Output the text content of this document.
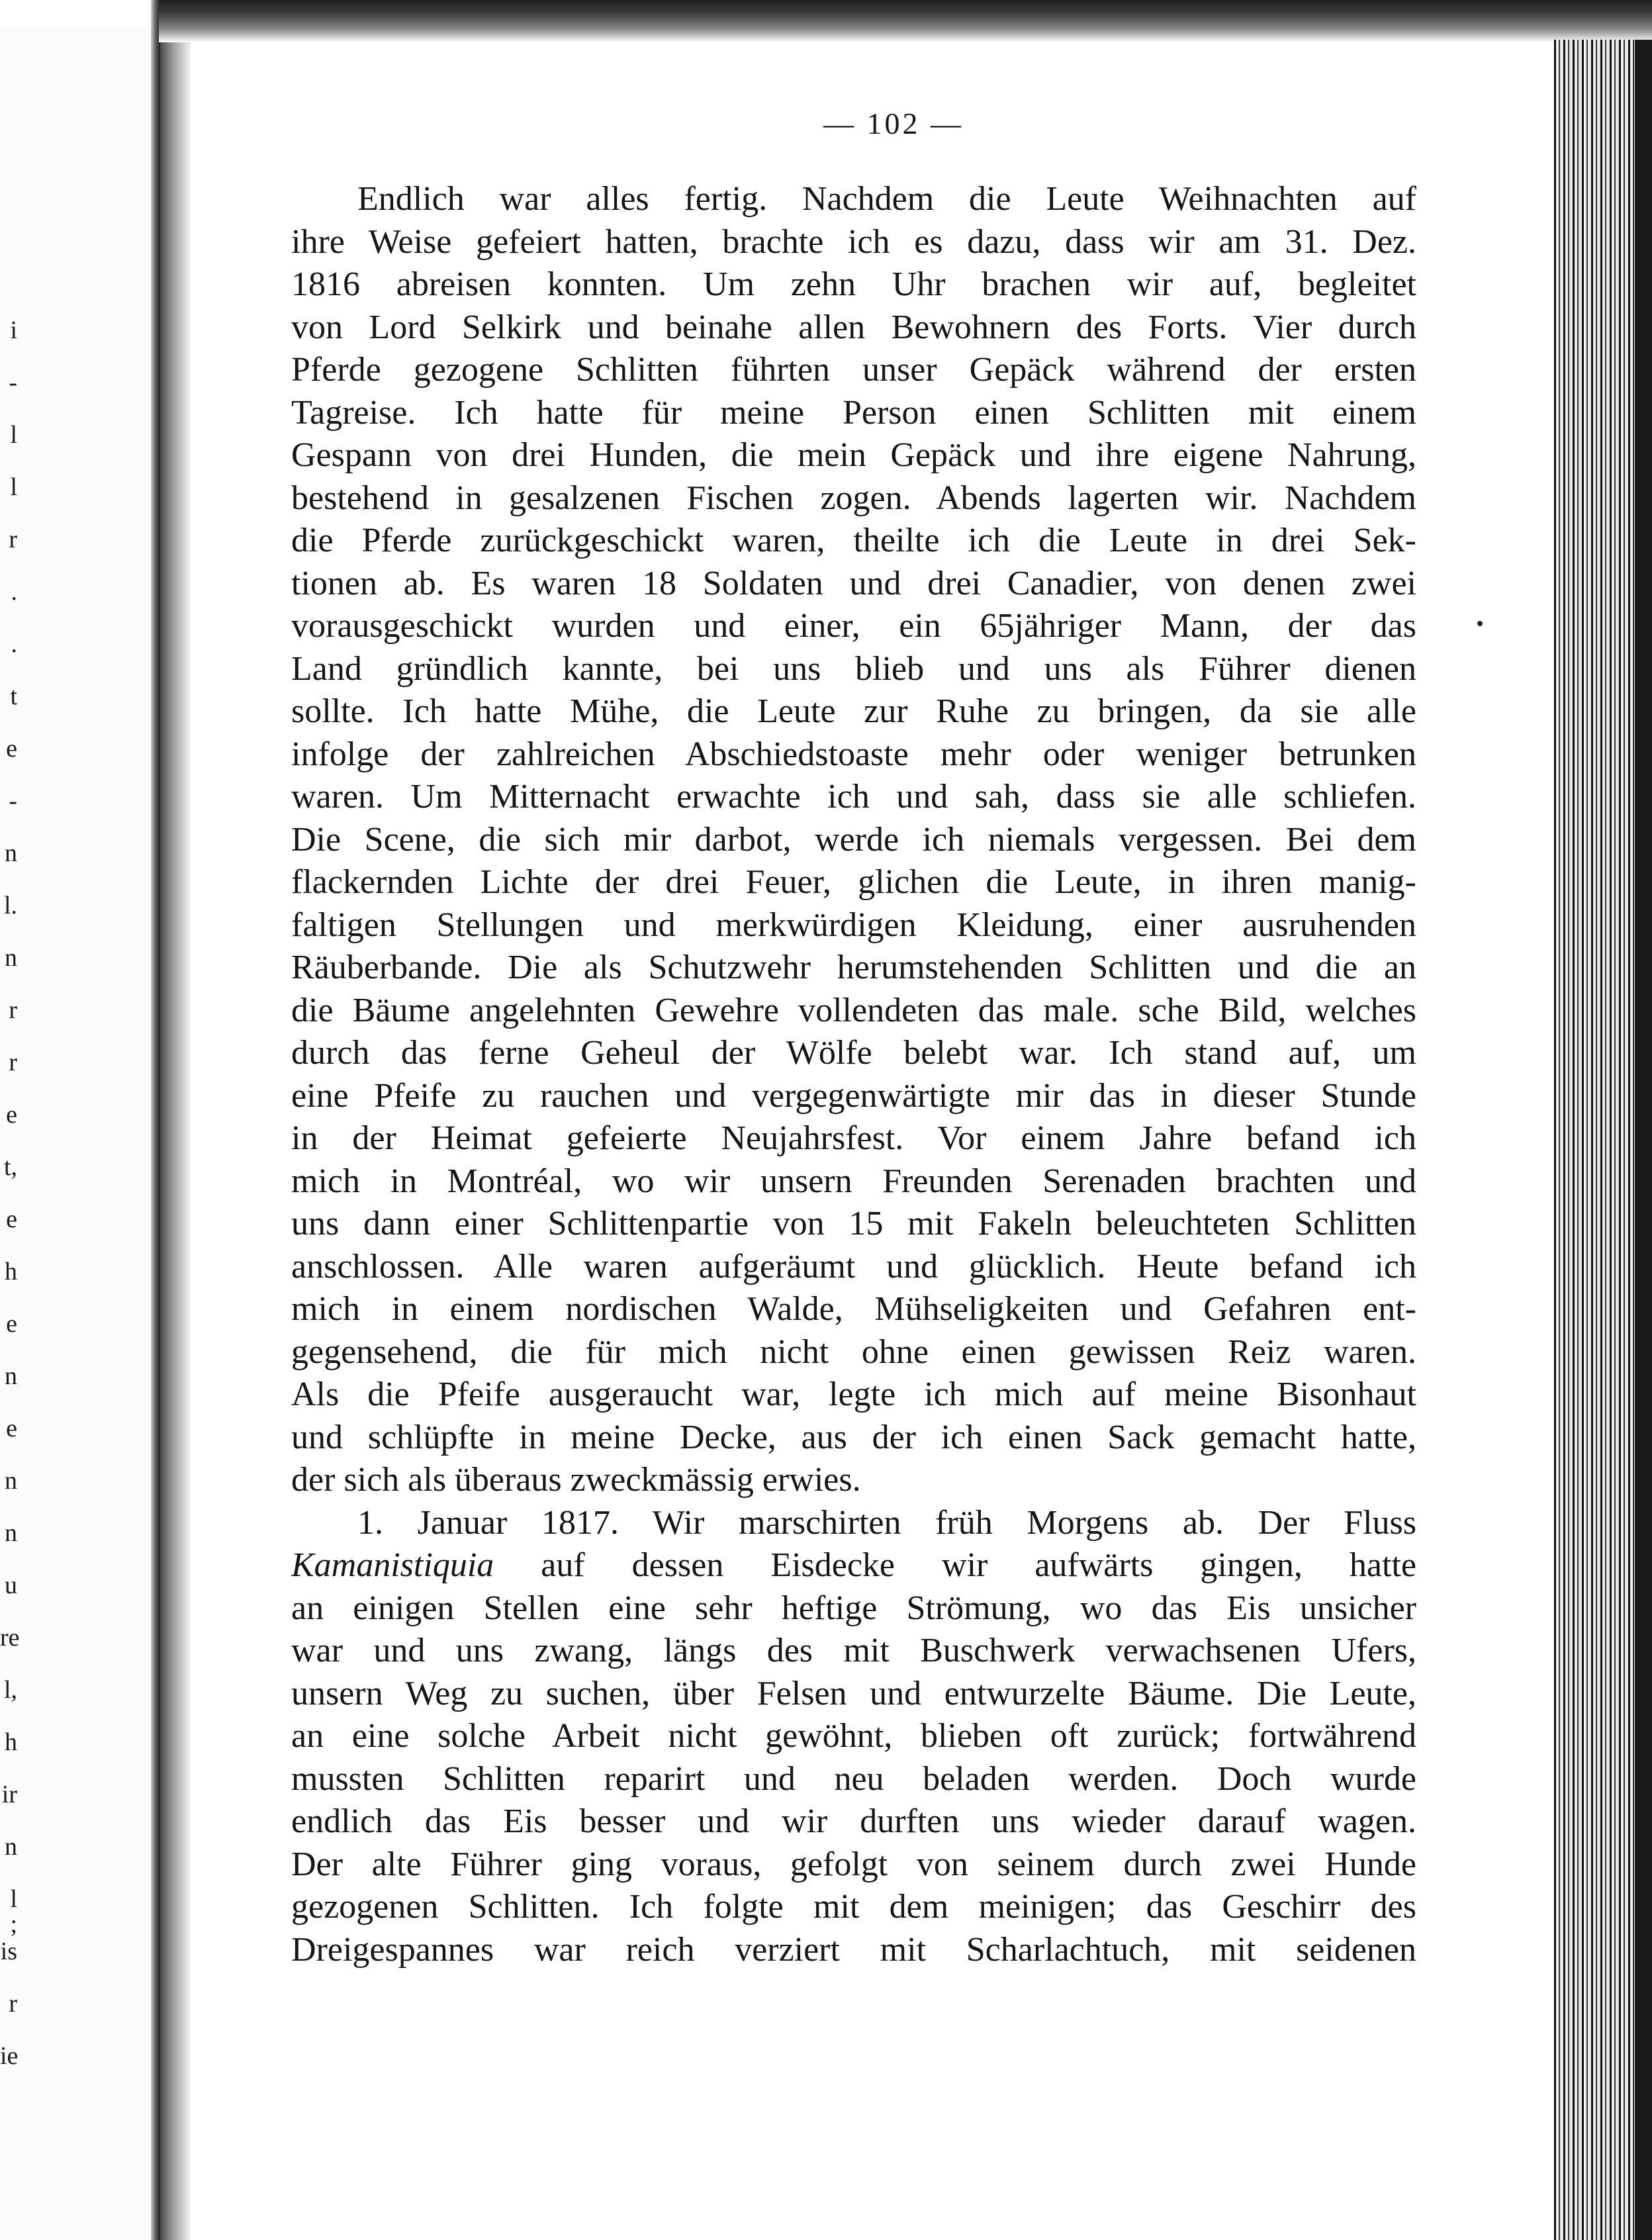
i
-
l
l
r
.
.
t
e
-
n
l.
n
r
r
e
t,
e
h
e
n
e
n
n
u
re
l,
h
ir
n
l ;
is
r
ie
— 102 —
Endlich war alles fertig. Nachdem die Leute Weihnachten auf
ihre Weise gefeiert hatten, brachte ich es dazu, dass wir am 31. Dez.
1816 abreisen konnten. Um zehn Uhr brachen wir auf, begleitet
von Lord Selkirk und beinahe allen Bewohnern des Forts. Vier durch
Pferde gezogene Schlitten führten unser Gepäck während der ersten
Tagreise. Ich hatte für meine Person einen Schlitten mit einem
Gespann von drei Hunden, die mein Gepäck und ihre eigene Nahrung,
bestehend in gesalzenen Fischen zogen. Abends lagerten wir. Nachdem
die Pferde zurückgeschickt waren, theilte ich die Leute in drei Sek-
tionen ab. Es waren 18 Soldaten und drei Canadier, von denen zwei
vorausgeschickt wurden und einer, ein 65jähriger Mann, der das
Land gründlich kannte, bei uns blieb und uns als Führer dienen
sollte. Ich hatte Mühe, die Leute zur Ruhe zu bringen, da sie alle
infolge der zahlreichen Abschiedstoaste mehr oder weniger betrunken
waren. Um Mitternacht erwachte ich und sah, dass sie alle schliefen.
Die Scene, die sich mir darbot, werde ich niemals vergessen. Bei dem
flackernden Lichte der drei Feuer, glichen die Leute, in ihren manig-
faltigen Stellungen und merkwürdigen Kleidung, einer ausruhenden
Räuberbande. Die als Schutzwehr herumstehenden Schlitten und die an
die Bäume angelehnten Gewehre vollendeten das male. sche Bild, welches
durch das ferne Geheul der Wölfe belebt war. Ich stand auf, um
eine Pfeife zu rauchen und vergegenwärtigte mir das in dieser Stunde
in der Heimat gefeierte Neujahrsfest. Vor einem Jahre befand ich
mich in Montréal, wo wir unsern Freunden Serenaden brachten und
uns dann einer Schlittenpartie von 15 mit Fakeln beleuchteten Schlitten
anschlossen. Alle waren aufgeräumt und glücklich. Heute befand ich
mich in einem nordischen Walde, Mühseligkeiten und Gefahren ent-
gegensehend, die für mich nicht ohne einen gewissen Reiz waren.
Als die Pfeife ausgeraucht war, legte ich mich auf meine Bisonhaut
und schlüpfte in meine Decke, aus der ich einen Sack gemacht hatte,
der sich als überaus zweckmässig erwies.
1. Januar 1817. Wir marschirten früh Morgens ab. Der Fluss
Kamanistiquia auf dessen Eisdecke wir aufwärts gingen, hatte
an einigen Stellen eine sehr heftige Strömung, wo das Eis unsicher
war und uns zwang, längs des mit Buschwerk verwachsenen Ufers,
unsern Weg zu suchen, über Felsen und entwurzelte Bäume. Die Leute,
an eine solche Arbeit nicht gewöhnt, blieben oft zurück; fortwährend
mussten Schlitten reparirt und neu beladen werden. Doch wurde
endlich das Eis besser und wir durften uns wieder darauf wagen.
Der alte Führer ging voraus, gefolgt von seinem durch zwei Hunde
gezogenen Schlitten. Ich folgte mit dem meinigen; das Geschirr des
Dreigespannes war reich verziert mit Scharlachtuch, mit seidenen
